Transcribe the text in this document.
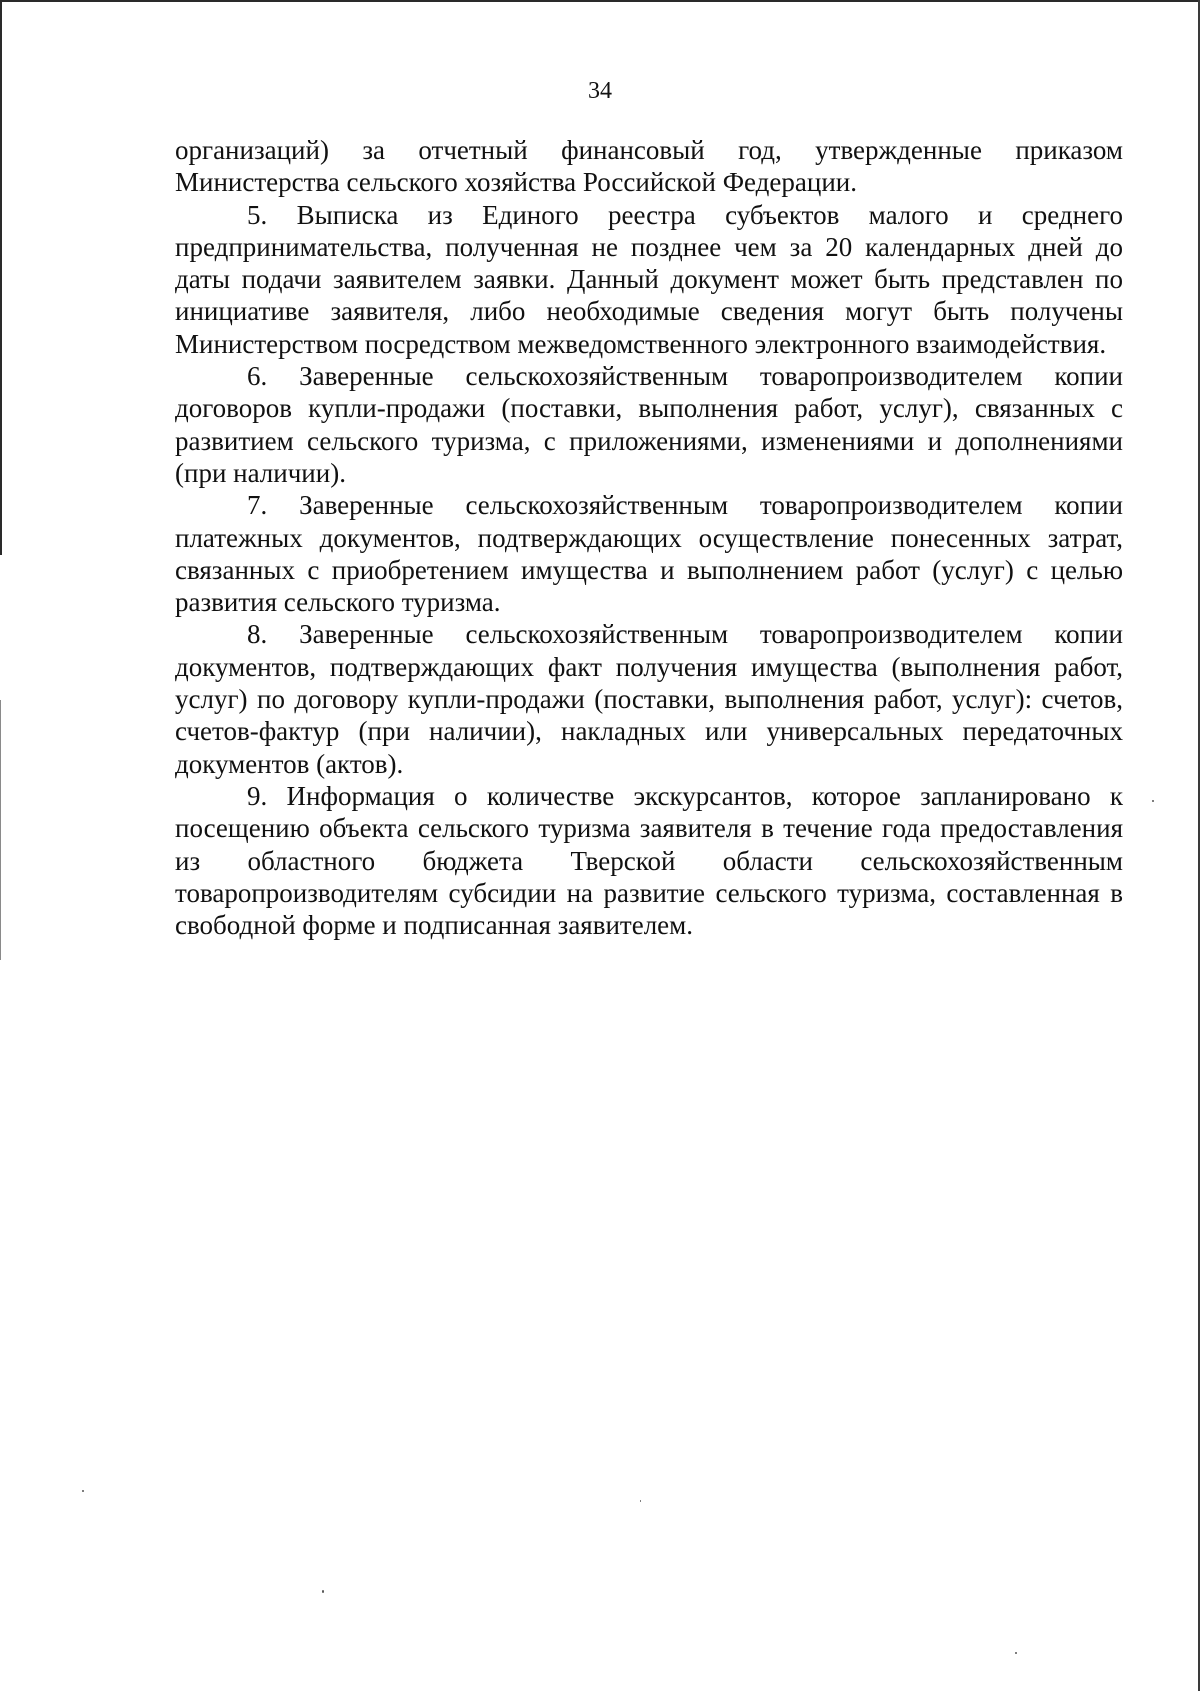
34

организаций) за отчетный финансовый год, утвержденные приказом Министерства сельского хозяйства Российской Федерации.

5. Выписка из Единого реестра субъектов малого и среднего предпринимательства, полученная не позднее чем за 20 календарных дней до даты подачи заявителем заявки. Данный документ может быть представлен по инициативе заявителя, либо необходимые сведения могут быть получены Министерством посредством межведомственного электронного взаимодействия.

6. Заверенные сельскохозяйственным товаропроизводителем копии договоров купли-продажи (поставки, выполнения работ, услуг), связанных с развитием сельского туризма, с приложениями, изменениями и дополнениями (при наличии).

7. Заверенные сельскохозяйственным товаропроизводителем копии платежных документов, подтверждающих осуществление понесенных затрат, связанных с приобретением имущества и выполнением работ (услуг) с целью развития сельского туризма.

8. Заверенные сельскохозяйственным товаропроизводителем копии документов, подтверждающих факт получения имущества (выполнения работ, услуг) по договору купли-продажи (поставки, выполнения работ, услуг): счетов, счетов-фактур (при наличии), накладных или универсальных передаточных документов (актов).

9. Информация о количестве экскурсантов, которое запланировано к посещению объекта сельского туризма заявителя в течение года предоставления из областного бюджета Тверской области сельскохозяйственным товаропроизводителям субсидии на развитие сельского туризма, составленная в свободной форме и подписанная заявителем.
